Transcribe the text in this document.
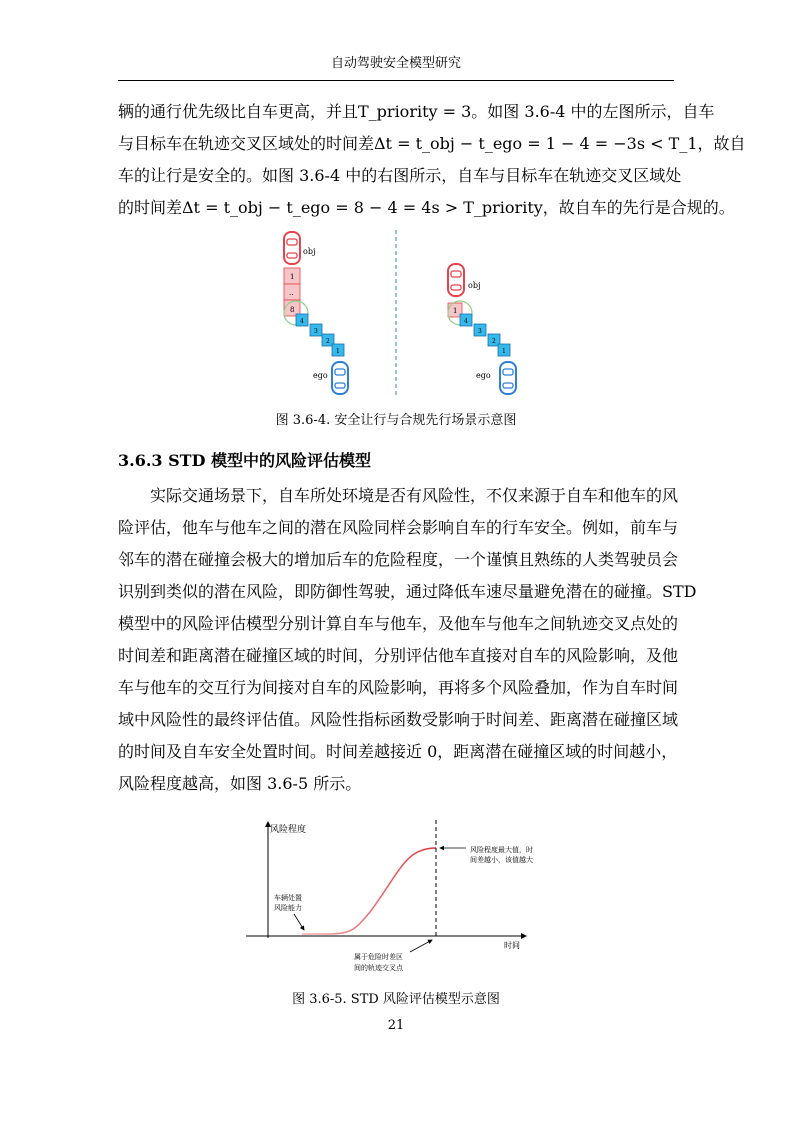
自动驾驶安全模型研究
辆的通行优先级比自车更高，并且T_priority = 3。如图 3.6-4 中的左图所示，自车
与目标车在轨迹交叉区域处的时间差Δt = t_obj − t_ego = 1 − 4 = −3s < T_1，故自
车的让行是安全的。如图 3.6-4 中的右图所示，自车与目标车在轨迹交叉区域处
的时间差Δt = t_obj − t_ego = 8 − 4 = 4s > T_priority，故自车的先行是合规的。
obj
1
..
8
4
3
2
1
ego
obj
1
4
3
2
1
ego
图 3.6-4. 安全让行与合规先行场景示意图
3.6.3 STD 模型中的风险评估模型
实际交通场景下，自车所处环境是否有风险性，不仅来源于自车和他车的风
险评估，他车与他车之间的潜在风险同样会影响自车的行车安全。例如，前车与
邻车的潜在碰撞会极大的增加后车的危险程度，一个谨慎且熟练的人类驾驶员会
识别到类似的潜在风险，即防御性驾驶，通过降低车速尽量避免潜在的碰撞。STD
模型中的风险评估模型分别计算自车与他车，及他车与他车之间轨迹交叉点处的
时间差和距离潜在碰撞区域的时间，分别评估他车直接对自车的风险影响，及他
车与他车的交互行为间接对自车的风险影响，再将多个风险叠加，作为自车时间
域中风险性的最终评估值。风险性指标函数受影响于时间差、距离潜在碰撞区域
的时间及自车安全处置时间。时间差越接近 0，距离潜在碰撞区域的时间越小，
风险程度越高，如图 3.6-5 所示。
风险程度
时间
风险程度最大值，时
间差越小，该值越大
车辆处置
风险能力
属于危险时差区
间的轨迹交叉点
图 3.6-5. STD 风险评估模型示意图
21
